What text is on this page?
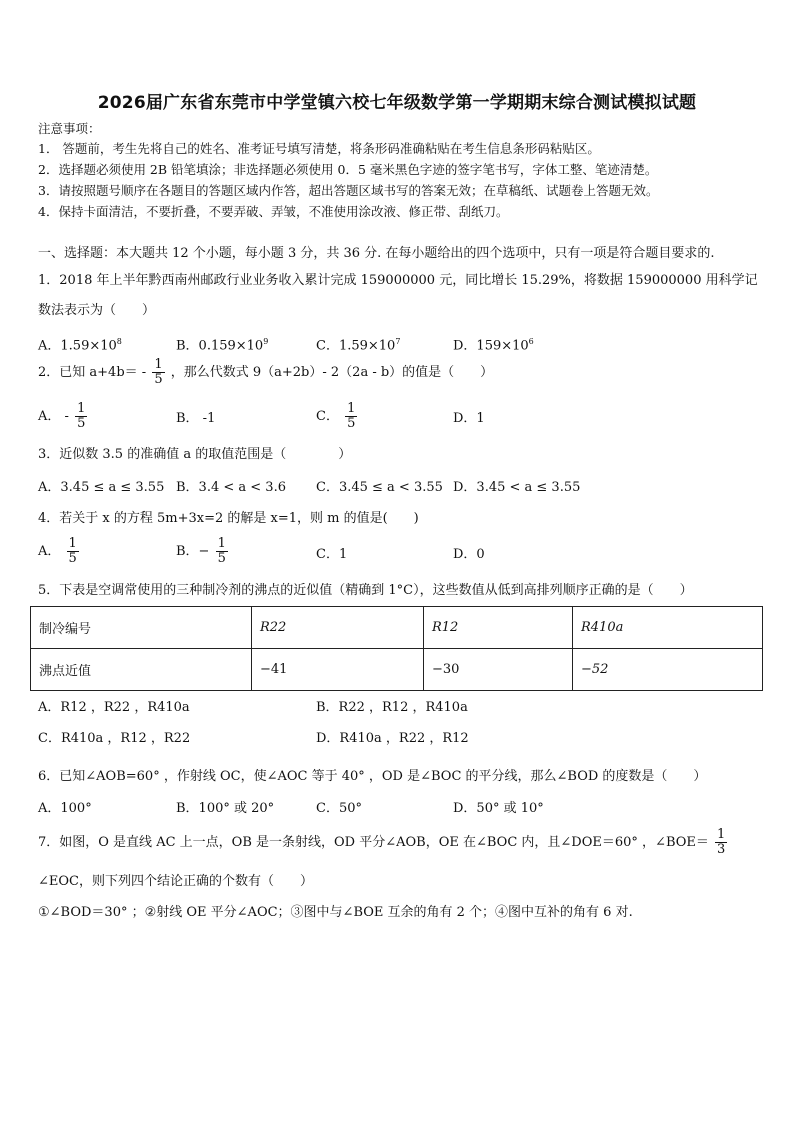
2026届广东省东莞市中学堂镇六校七年级数学第一学期期末综合测试模拟试题
注意事项：
1． 答题前，考生先将自己的姓名、准考证号填写清楚，将条形码准确粘贴在考生信息条形码粘贴区。
2．选择题必须使用 2B 铅笔填涂；非选择题必须使用 0．5 毫米黑色字迹的签字笔书写，字体工整、笔迹清楚。
3．请按照题号顺序在各题目的答题区域内作答，超出答题区域书写的答案无效；在草稿纸、试题卷上答题无效。
4．保持卡面清洁，不要折叠，不要弄破、弄皱，不准使用涂改液、修正带、刮纸刀。
一、选择题：本大题共 12 个小题，每小题 3 分，共 36 分. 在每小题给出的四个选项中，只有一项是符合题目要求的.
1．2018 年上半年黔西南州邮政行业业务收入累计完成 159000000 元，同比增长 15.29%，将数据 159000000 用科学记
数法表示为（　　）
A．$1.59\times 10^8$	B．$0.159\times 10^9$	C．$1.59\times 10^7$	D．$159\times 10^6$
2．已知 $a+4b= - \frac{1}{5}$ ，那么代数式 9（a+2b）- 2（2a - b）的值是（　　）
A． - $\frac{1}{5}$	B． -1	C． $\frac{1}{5}$	D．1
3．近似数 3.5 的准确值 a 的取值范围是（　　　　）
A．3.45 ≤ a ≤ 3.55 B．3.4 < a < 3.6 C．3.45 ≤ a < 3.55 D．3.45 < a ≤ 3.55
4．若关于 x 的方程 5m+3x=2 的解是 x=1，则 m 的值是(　　)
A． $\frac{1}{5}$	B．− $\frac{1}{5}$	C．1	D．0
5．下表是空调常使用的三种制冷剂的沸点的近似值（精确到 1°C），这些数值从低到高排列顺序正确的是（　　）
制冷编号	R22	R12	R410a
沸点近值	−41	−30	−52
A．R12 ，R22 ，R410a	B．R22 ，R12 ，R410a
C．R410a ，R12 ，R22	D．R410a ，R22 ，R12
6．已知∠AOB=60° ，作射线 OC，使∠AOC 等于 40° ，OD 是∠BOC 的平分线，那么∠BOD 的度数是（　　）
A．100°	B．100° 或 20°	C．50°	D．50° 或 10°
7．如图，O 是直线 AC 上一点，OB 是一条射线，OD 平分∠AOB，OE 在∠BOC 内，且∠DOE＝60° ，∠BOE＝ $\frac{1}{3}$
∠EOC，则下列四个结论正确的个数有（　　）
①∠BOD＝30° ；②射线 OE 平分∠AOC；③图中与∠BOE 互余的角有 2 个；④图中互补的角有 6 对.
